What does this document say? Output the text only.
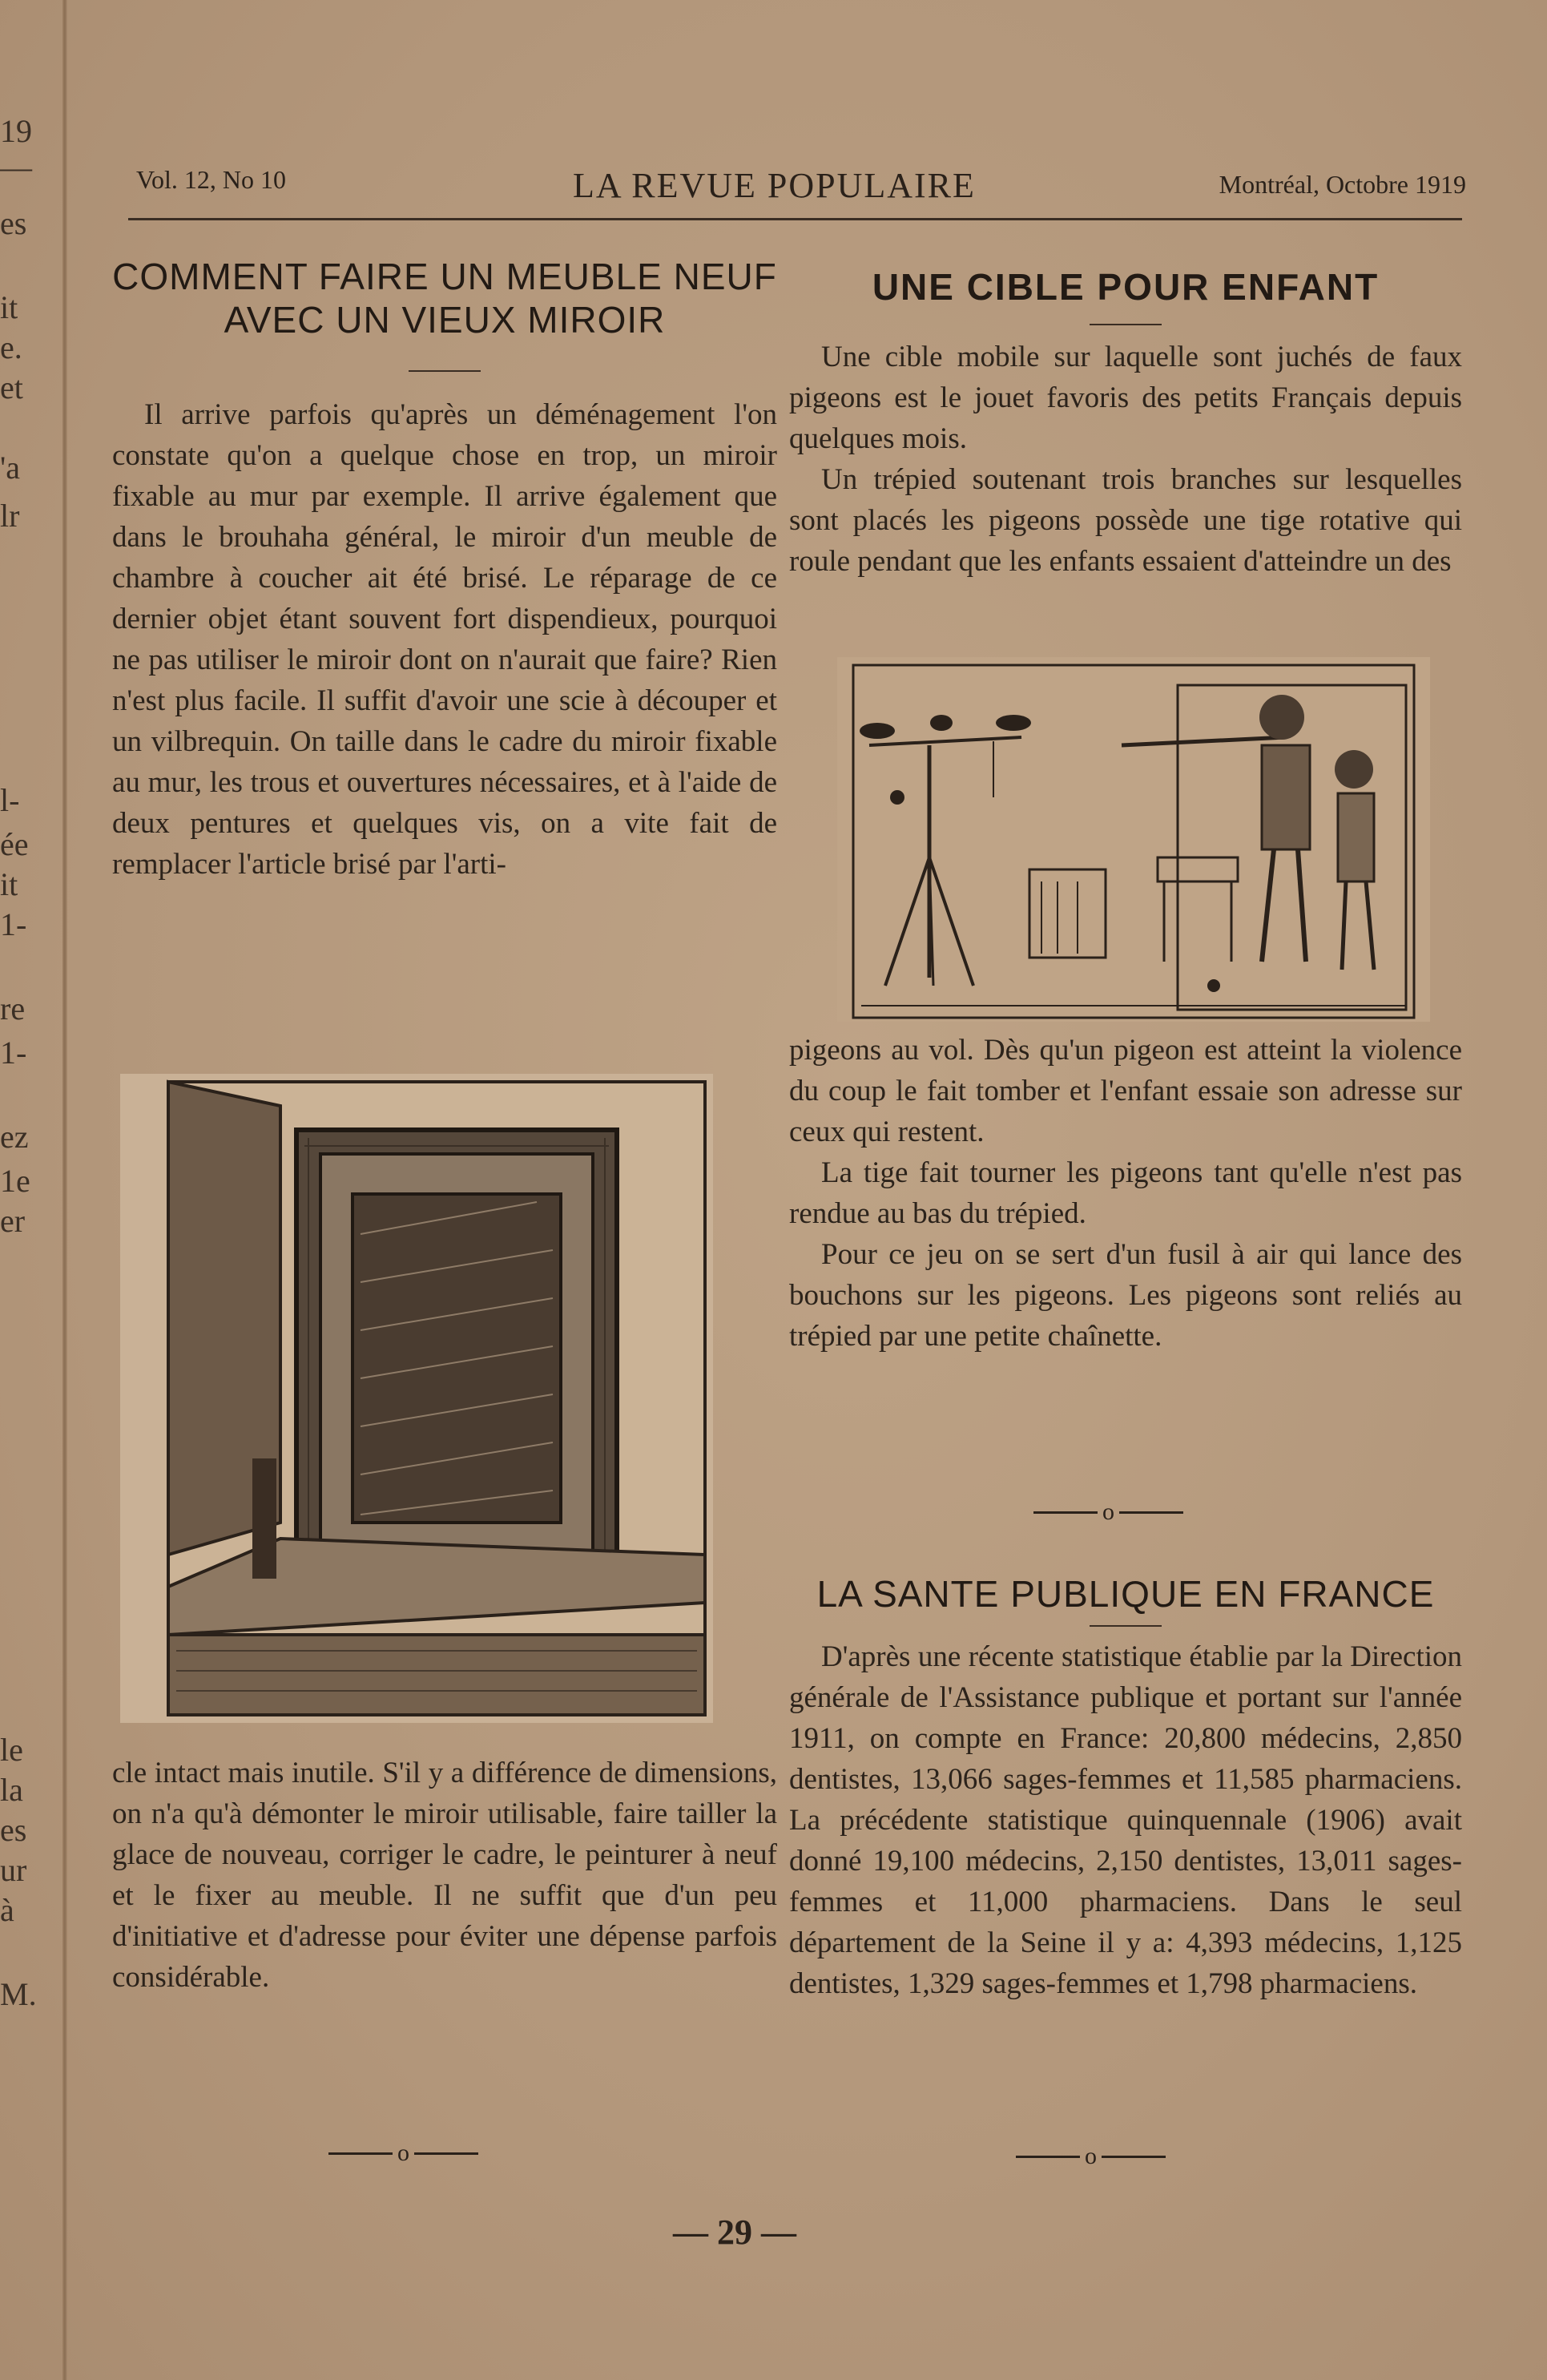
19
—
es
it
e.
et
'a
lr
l-
ée
it
1-
re
1-
ez
1e
er
le
la
es
ur
à
M.
Vol. 12, No 10	LA REVUE POPULAIRE	Montréal, Octobre 1919
COMMENT FAIRE UN MEUBLE NEUF
AVEC UN VIEUX MIROIR

Il arrive parfois qu'après un déménagement l'on constate qu'on a quelque chose en trop, un miroir fixable au mur par exemple. Il arrive également que dans le brouhaha général, le miroir d'un meuble de chambre à coucher ait été brisé. Le réparage de ce dernier objet étant souvent fort dispendieux, pourquoi ne pas utiliser le miroir dont on n'aurait que faire? Rien n'est plus facile. Il suffit d'avoir une scie à découper et un vilbrequin. On taille dans le cadre du miroir fixable au mur, les trous et ouvertures nécessaires, et à l'aide de deux pentures et quelques vis, on a vite fait de remplacer l'article brisé par l'arti-

cle intact mais inutile. S'il y a différence de dimensions, on n'a qu'à démonter le miroir utilisable, faire tailler la glace de nouveau, corriger le cadre, le peinturer à neuf et le fixer au meuble. Il ne suffit que d'un peu d'initiative et d'adresse pour éviter une dépense parfois considérable.

o
UNE CIBLE POUR ENFANT

Une cible mobile sur laquelle sont juchés de faux pigeons est le jouet favoris des petits Français depuis quelques mois.

Un trépied soutenant trois branches sur lesquelles sont placés les pigeons possède une tige rotative qui roule pendant que les enfants essaient d'atteindre un des

pigeons au vol. Dès qu'un pigeon est atteint la violence du coup le fait tomber et l'enfant essaie son adresse sur ceux qui restent.

La tige fait tourner les pigeons tant qu'elle n'est pas rendue au bas du trépied.

Pour ce jeu on se sert d'un fusil à air qui lance des bouchons sur les pigeons. Les pigeons sont reliés au trépied par une petite chaînette.

o
LA SANTE PUBLIQUE EN FRANCE

D'après une récente statistique établie par la Direction générale de l'Assistance publique et portant sur l'année 1911, on compte en France: 20,800 médecins, 2,850 dentistes, 13,066 sages-femmes et 11,585 pharmaciens. La précédente statistique quinquennale (1906) avait donné 19,100 médecins, 2,150 dentistes, 13,011 sages-femmes et 11,000 pharmaciens. Dans le seul département de la Seine il y a: 4,393 médecins, 1,125 dentistes, 1,329 sages-femmes et 1,798 pharmaciens.

o
— 29 —
